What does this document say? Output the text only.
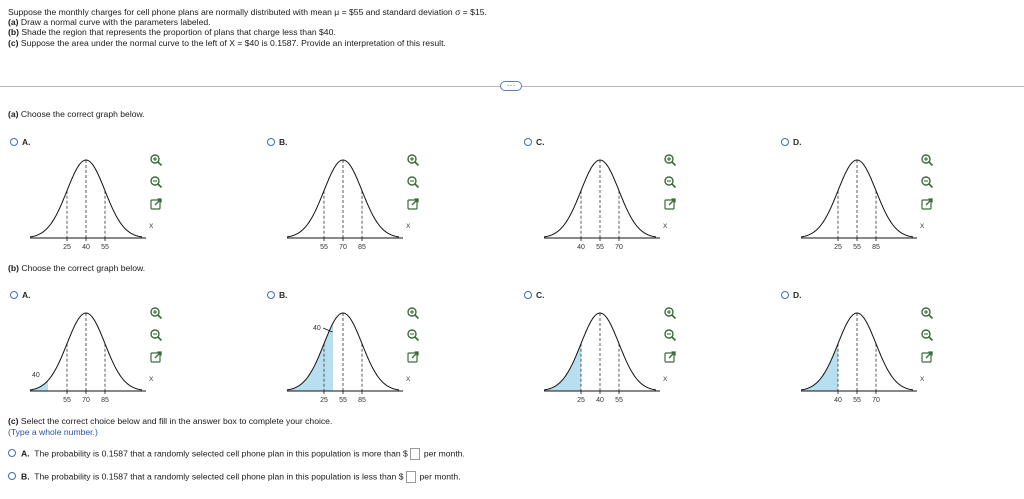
Suppose the monthly charges for cell phone plans are normally distributed with mean μ = $55 and standard deviation σ = $15.
(a) Draw a normal curve with the parameters labeled.
(b) Shade the region that represents the proportion of plans that charge less than $40.
(c) Suppose the area under the normal curve to the left of X = $40 is 0.1587. Provide an interpretation of this result.
⋯
(a) Choose the correct graph below.
A.
25 40 55
X
B.
55 70 85
X
C.
40 55 70
X
D.
25 55 85
X
(b) Choose the correct graph below.
A.
55 70 85
X
40
B.
25 55 85
X
40
C.
25 40 55
X
D.
40 55 70
X
(c) Select the correct choice below and fill in the answer box to complete your choice.
(Type a whole number.)
A. The probability is 0.1587 that a randomly selected cell phone plan in this population is more than $ per month.
B. The probability is 0.1587 that a randomly selected cell phone plan in this population is less than $ per month.
